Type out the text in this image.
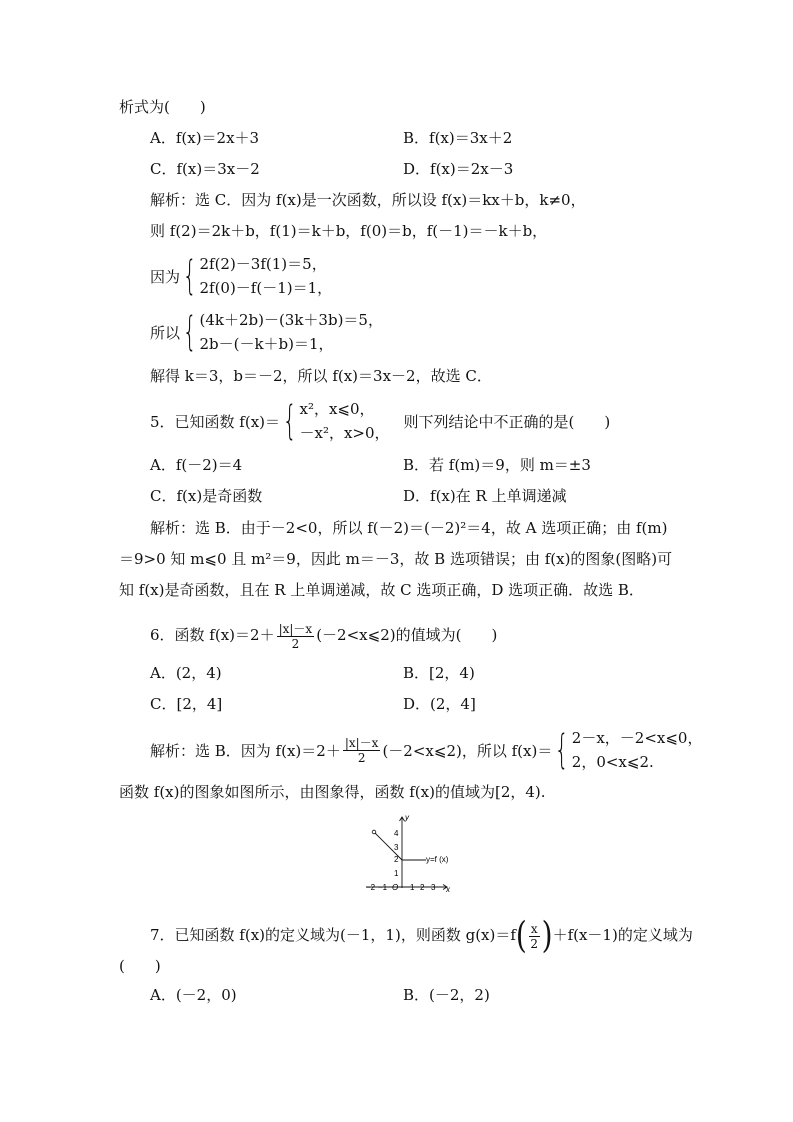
析式为(　　)
A．f(x)＝2x＋3	B．f(x)＝3x＋2
C．f(x)＝3x－2	D．f(x)＝2x－3
解析：选 C．因为 f(x)是一次函数，所以设 f(x)＝kx＋b，k≠0，
则 f(2)＝2k＋b，f(1)＝k＋b，f(0)＝b，f(－1)＝－k＋b，
因为 { 2f(2)－3f(1)＝5，
2f(0)－f(－1)＝1，
所以 { (4k＋2b)－(3k＋3b)＝5，
2b－(－k＋b)＝1，
解得 k＝3，b＝－2，所以 f(x)＝3x－2，故选 C．
5．已知函数 f(x)＝ { x²，x⩽0，
－x²，x>0，
则下列结论中不正确的是(　　)
A．f(－2)＝4	B．若 f(m)＝9，则 m＝±3
C．f(x)是奇函数	D．f(x)在 R 上单调递减
解析：选 B．由于－2<0，所以 f(－2)＝(－2)²＝4，故 A 选项正确；由 f(m)
＝9>0 知 m⩽0 且 m²＝9，因此 m＝－3，故 B 选项错误；由 f(x)的图象(图略)可
知 f(x)是奇函数，且在 R 上单调递减，故 C 选项正确，D 选项正确．故选 B．
6．函数 $f(x)=2+ \frac{|x|-x}{2}$ (－2<x⩽2)的值域为(　　)
A．(2，4)	B．[2，4)
C．[2，4]	D．(2，4]
解析：选 B．因为 $f(x)=2+ \frac{|x|-x}{2}$ (－2<x⩽2)，所以 f(x)＝ { 2－x，－2<x⩽0，
2，0<x⩽2.
函数 f(x)的图象如图所示，由图象得，函数 f(x)的值域为[2，4).
y
x
y=f (x)
4
3
2
1
−2 −1 O 1 2 3
7．已知函数 f(x)的定义域为(－1，1)，则函数 $g(x)=f( \frac{x}{2} )+f(x-1)$的定义域为
(　　)
A．(－2，0)	B．(－2，2)
